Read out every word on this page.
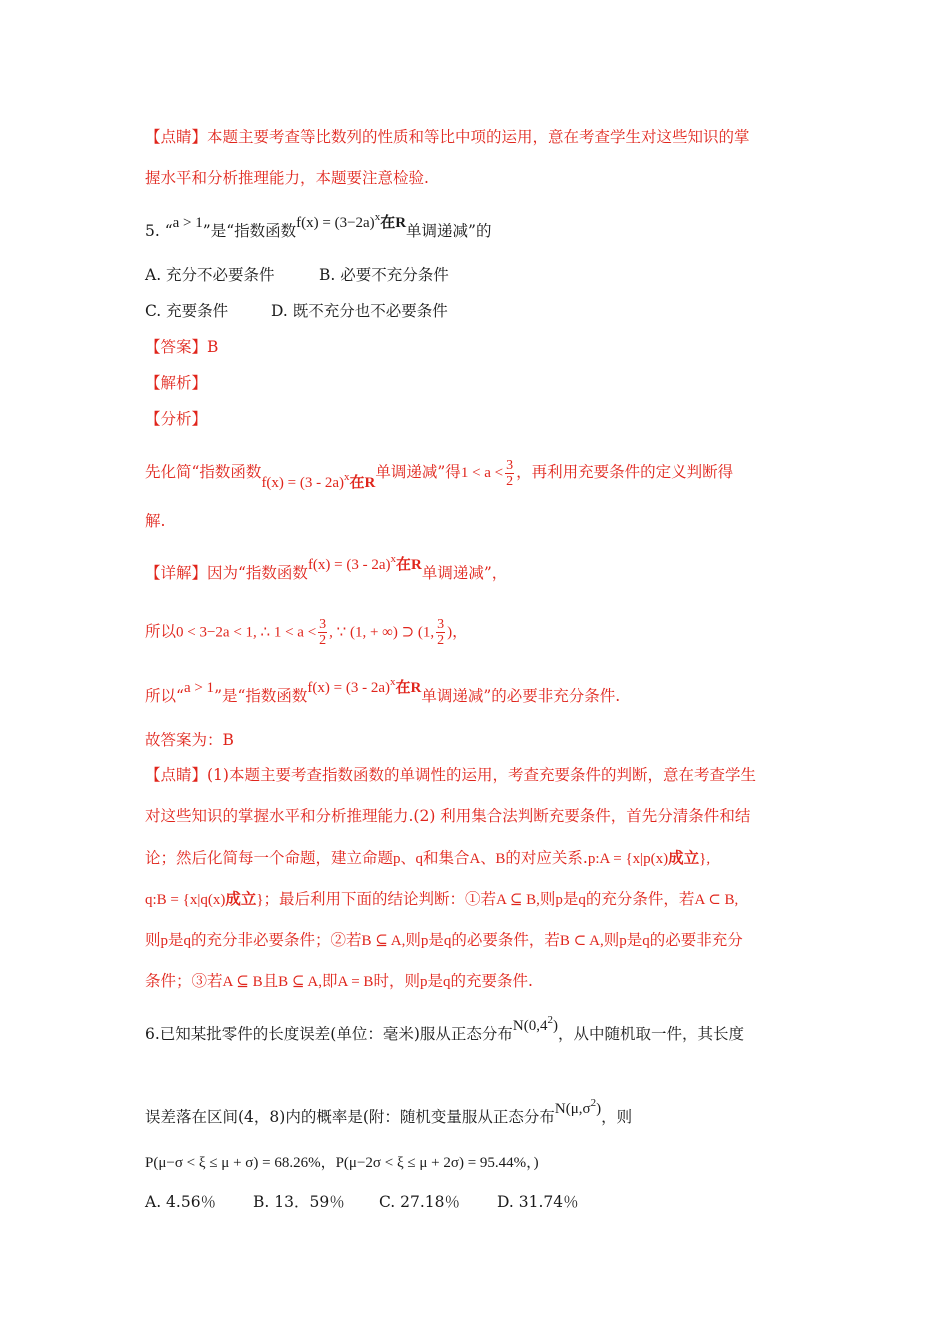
【点睛】本题主要考查等比数列的性质和等比中项的运用，意在考查学生对这些知识的掌
握水平和分析推理能力，本题要注意检验.
5. “a > 1”是“指数函数$f(x) = (3-2a)^x$在R单调递减”的
A. 充分不必要条件	B. 必要不充分条件
C. 充要条件	D. 既不充分也不必要条件
【答案】B
【解析】
【分析】
先化简“指数函数f(x) = (3 - 2a)$^x$在R单调递减”得$1 < a < \frac{3}{2}$ ，再利用充要条件的定义判断得
解.
【详解】因为“指数函数f(x) = (3 - 2a)$^x$在R单调递减”，
所以0 < 3−2a < 1, ∴ $1 < a < \frac{3}{2}$ , ∵ (1, + ∞) ⊃ (1, $\frac{3}{2}$ )，
所以“a > 1”是“指数函数f(x) = (3 - 2a)$^x$在R单调递减”的必要非充分条件.
故答案为：B
【点睛】(1)本题主要考查指数函数的单调性的运用，考查充要条件的判断，意在考查学生
对这些知识的掌握水平和分析推理能力.(2) 利用集合法判断充要条件，首先分清条件和结
论；然后化简每一个命题，建立命题p、q和集合A、B的对应关系.p:A = {x|p(x)成立},
q:B = {x|q(x)成立}；最后利用下面的结论判断：①若A ⊆ B,则p是q的充分条件，若A ⊂ B,
则p是q的充分非必要条件；②若B ⊆ A,则p是q的必要条件，若B ⊂ A,则p是q的必要非充分
条件；③若A ⊆ B且B ⊆ A,即A = B时，则p是q的充要条件.
6.已知某批零件的长度误差(单位：毫米)服从正态分布$N(0,4^2)$，从中随机取一件，其长度
误差落在区间(4，8)内的概率是(附：随机变量服从正态分布$N(\mu,\sigma^2)$，则
P(μ−σ < ξ ≤ μ + σ) = 68.26%，P(μ−2σ < ξ ≤ μ + 2σ) = 95.44%，)
A. 4.56％ B. 13．59％ C. 27.18％ D. 31.74％
